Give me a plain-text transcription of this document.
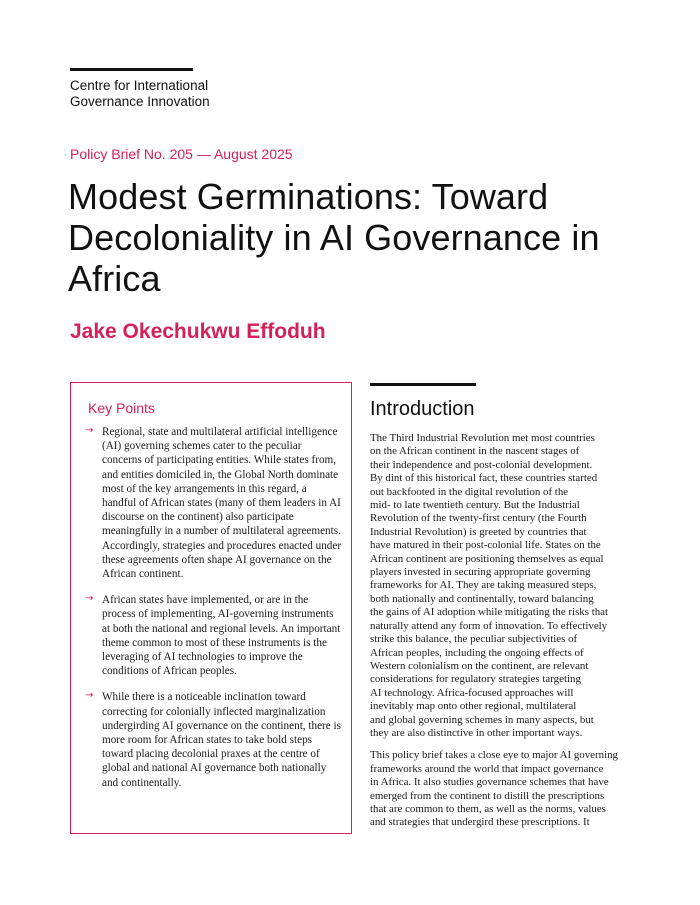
Centre for International
Governance Innovation
Policy Brief No. 205 — August 2025
Modest Germinations: Toward Decoloniality in AI Governance in Africa
Jake Okechukwu Effoduh
Key Points
→ Regional, state and multilateral artificial intelligence (AI) governing schemes cater to the peculiar concerns of participating entities. While states from, and entities domiciled in, the Global North dominate most of the key arrangements in this regard, a handful of African states (many of them leaders in AI discourse on the continent) also participate meaningfully in a number of multilateral agreements. Accordingly, strategies and procedures enacted under these agreements often shape AI governance on the African continent.
→ African states have implemented, or are in the process of implementing, AI-governing instruments at both the national and regional levels. An important theme common to most of these instruments is the leveraging of AI technologies to improve the conditions of African peoples.
→ While there is a noticeable inclination toward correcting for colonially inflected marginalization undergirding AI governance on the continent, there is more room for African states to take bold steps toward placing decolonial praxes at the centre of global and national AI governance both nationally and continentally.
Introduction

The Third Industrial Revolution met most countries
on the African continent in the nascent stages of
their independence and post-colonial development.
By dint of this historical fact, these countries started
out backfooted in the digital revolution of the
mid- to late twentieth century. But the Industrial
Revolution of the twenty-first century (the Fourth
Industrial Revolution) is greeted by countries that
have matured in their post-colonial life. States on the
African continent are positioning themselves as equal
players invested in securing appropriate governing
frameworks for AI. They are taking measured steps,
both nationally and continentally, toward balancing
the gains of AI adoption while mitigating the risks that
naturally attend any form of innovation. To effectively
strike this balance, the peculiar subjectivities of
African peoples, including the ongoing effects of
Western colonialism on the continent, are relevant
considerations for regulatory strategies targeting
AI technology. Africa-focused approaches will
inevitably map onto other regional, multilateral
and global governing schemes in many aspects, but
they are also distinctive in other important ways.

This policy brief takes a close eye to major AI governing
frameworks around the world that impact governance
in Africa. It also studies governance schemes that have
emerged from the continent to distill the prescriptions
that are common to them, as well as the norms, values
and strategies that undergird these prescriptions. It
